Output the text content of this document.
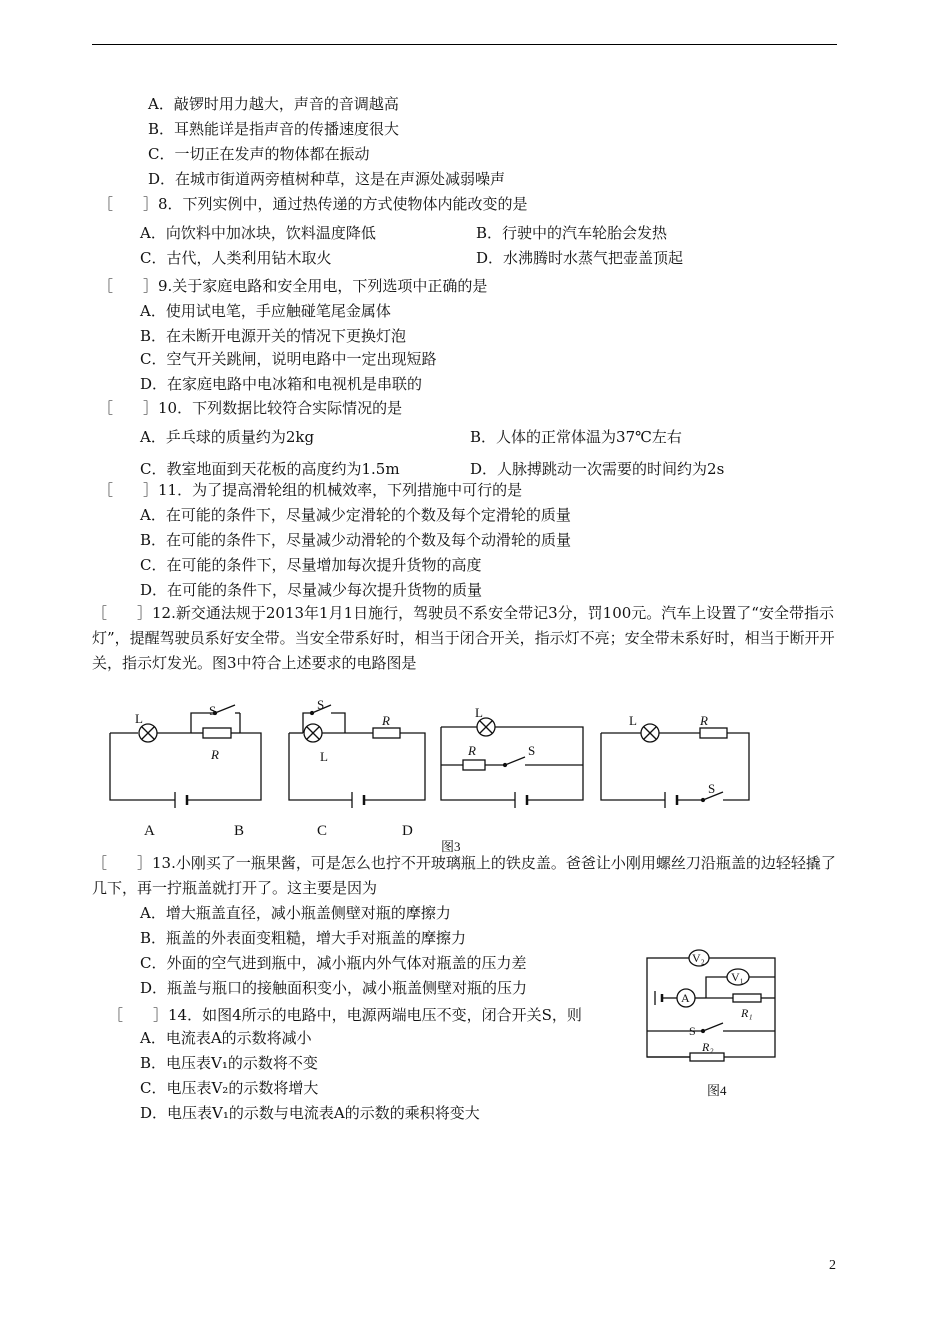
A．敲锣时用力越大，声音的音调越高
B．耳熟能详是指声音的传播速度很大
C．一切正在发声的物体都在振动
D．在城市街道两旁植树种草，这是在声源处减弱噪声
［　　］8．下列实例中，通过热传递的方式使物体内能改变的是
A．向饮料中加冰块，饮料温度降低	B．行驶中的汽车轮胎会发热
C．古代，人类利用钻木取火	D．水沸腾时水蒸气把壶盖顶起
［　　］9.关于家庭电路和安全用电，下列选项中正确的是
A．使用试电笔，手应触碰笔尾金属体
B．在未断开电源开关的情况下更换灯泡
C．空气开关跳闸，说明电路中一定出现短路
D．在家庭电路中电冰箱和电视机是串联的
［　　］10．下列数据比较符合实际情况的是
A．乒乓球的质量约为2kg	B．人体的正常体温为37℃左右
C．教室地面到天花板的高度约为1.5m	D．人脉搏跳动一次需要的时间约为2s
［　　］11．为了提高滑轮组的机械效率，下列措施中可行的是
A．在可能的条件下，尽量减少定滑轮的个数及每个定滑轮的质量
B．在可能的条件下，尽量减少动滑轮的个数及每个动滑轮的质量
C．在可能的条件下，尽量增加每次提升货物的高度
D．在可能的条件下，尽量减少每次提升货物的质量
［　　］12.新交通法规于2013年1月1日施行，驾驶员不系安全带记3分，罚100元。汽车上设置了“安全带指示灯”，提醒驾驶员系好安全带。当安全带系好时，相当于闭合开关，指示灯不亮；安全带未系好时，相当于断开开关，指示灯发光。图3中符合上述要求的电路图是
L
S
R
S
L
R
L
R	S
L	R
S
A	B	C	D
图3
［　　］13.小刚买了一瓶果酱，可是怎么也拧不开玻璃瓶上的铁皮盖。爸爸让小刚用螺丝刀沿瓶盖的边轻轻撬了几下，再一拧瓶盖就打开了。这主要是因为
A．增大瓶盖直径，减小瓶盖侧壁对瓶的摩擦力
B．瓶盖的外表面变粗糙，增大手对瓶盖的摩擦力
C．外面的空气进到瓶中，减小瓶内外气体对瓶盖的压力差
D．瓶盖与瓶口的接触面积变小，减小瓶盖侧壁对瓶的压力
［　　］14．如图4所示的电路中，电源两端电压不变，闭合开关S，则
A．电流表A的示数将减小
B．电压表V₁的示数将不变
C．电压表V₂的示数将增大
D．电压表V₁的示数与电流表A的示数的乘积将变大
V₂
V₁
A
R₁
S
R₂
图4
2
